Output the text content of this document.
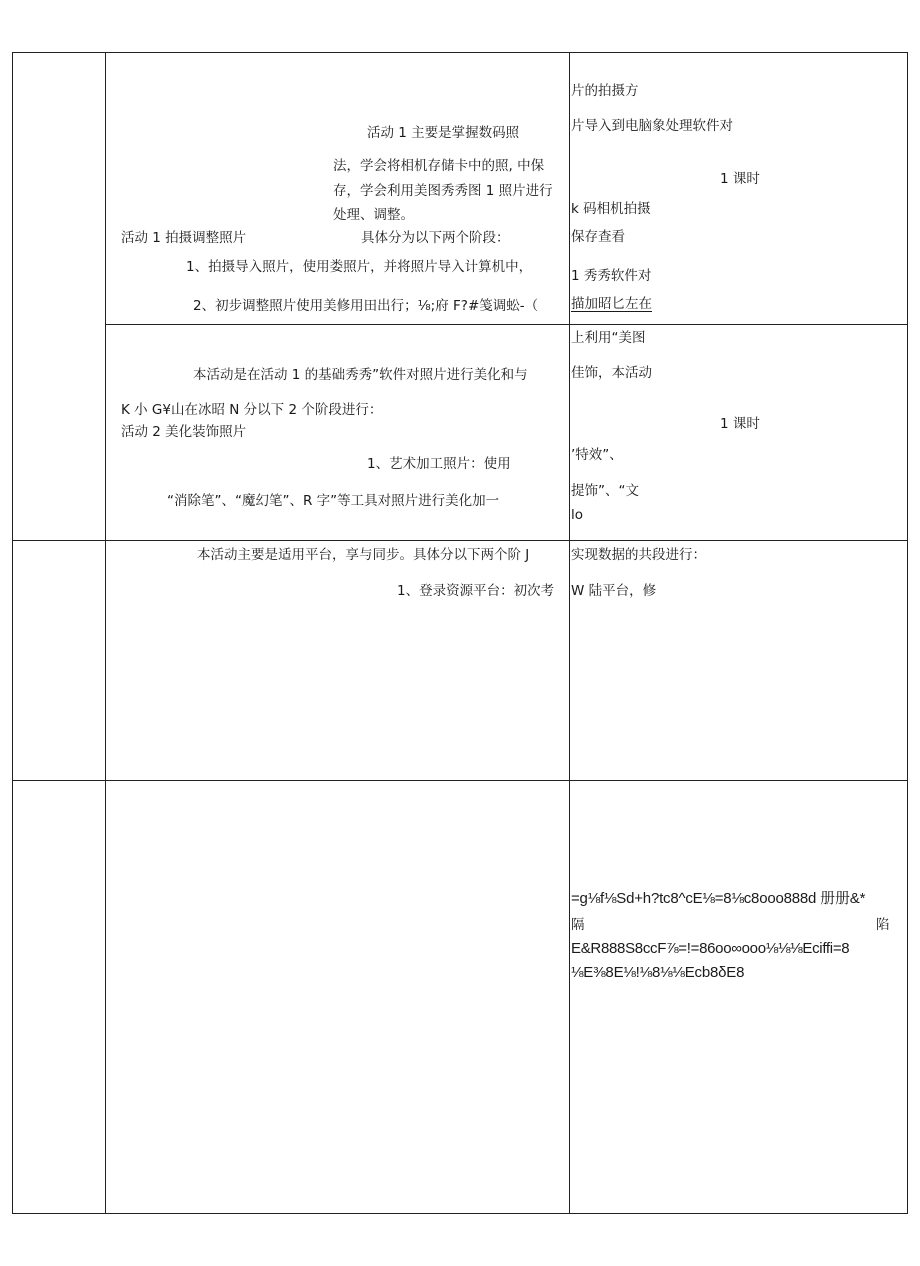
活动 1 主要是掌握数码照
法，学会将相机存储卡中的照, 中保
存，学会利用美图秀秀图 1 照片进行
处理、调整。
活动 1 拍摄调整照片	具体分为以下两个阶段：
1、拍摄导入照片，使用娄照片，并将照片导入计算机中，
2、初步调整照片使用美修用田出行；⅛;府 F?#笺调蚣-（
片的拍摄方
片导入到电脑象处理软件对
1 课时
k 码相机拍摄
保存查看
1 秀秀软件对
描加昭匕左在
本活动是在活动 1 的基础秀秀”软件对照片进行美化和与
K 小 G¥山在冰昭 N 分以下 2 个阶段进行：
活动 2 美化装饰照片
1、艺术加工照片：使用
“消除笔”、“魔幻笔”、R 字”等工具对照片进行美化加一
上利用“美图
佳饰，本活动
1 课时
’特效”、
提饰”、“文
lo
本活动主要是适用平台，享与同步。具体分以下两个阶 J
1、登录资源平台：初次考
实现数据的共段进行：
W 陆平台，修
=g⅛f⅛Sd+h?tc8^cE⅛=8⅛c8ooo888d 册册&*
隔	陷
E&R888S8ccF⅞=!=86oo∞ooo⅛⅛⅛Eciffi=8
⅛E⅜8E⅛!⅛8⅛⅛Ecb8δE8
